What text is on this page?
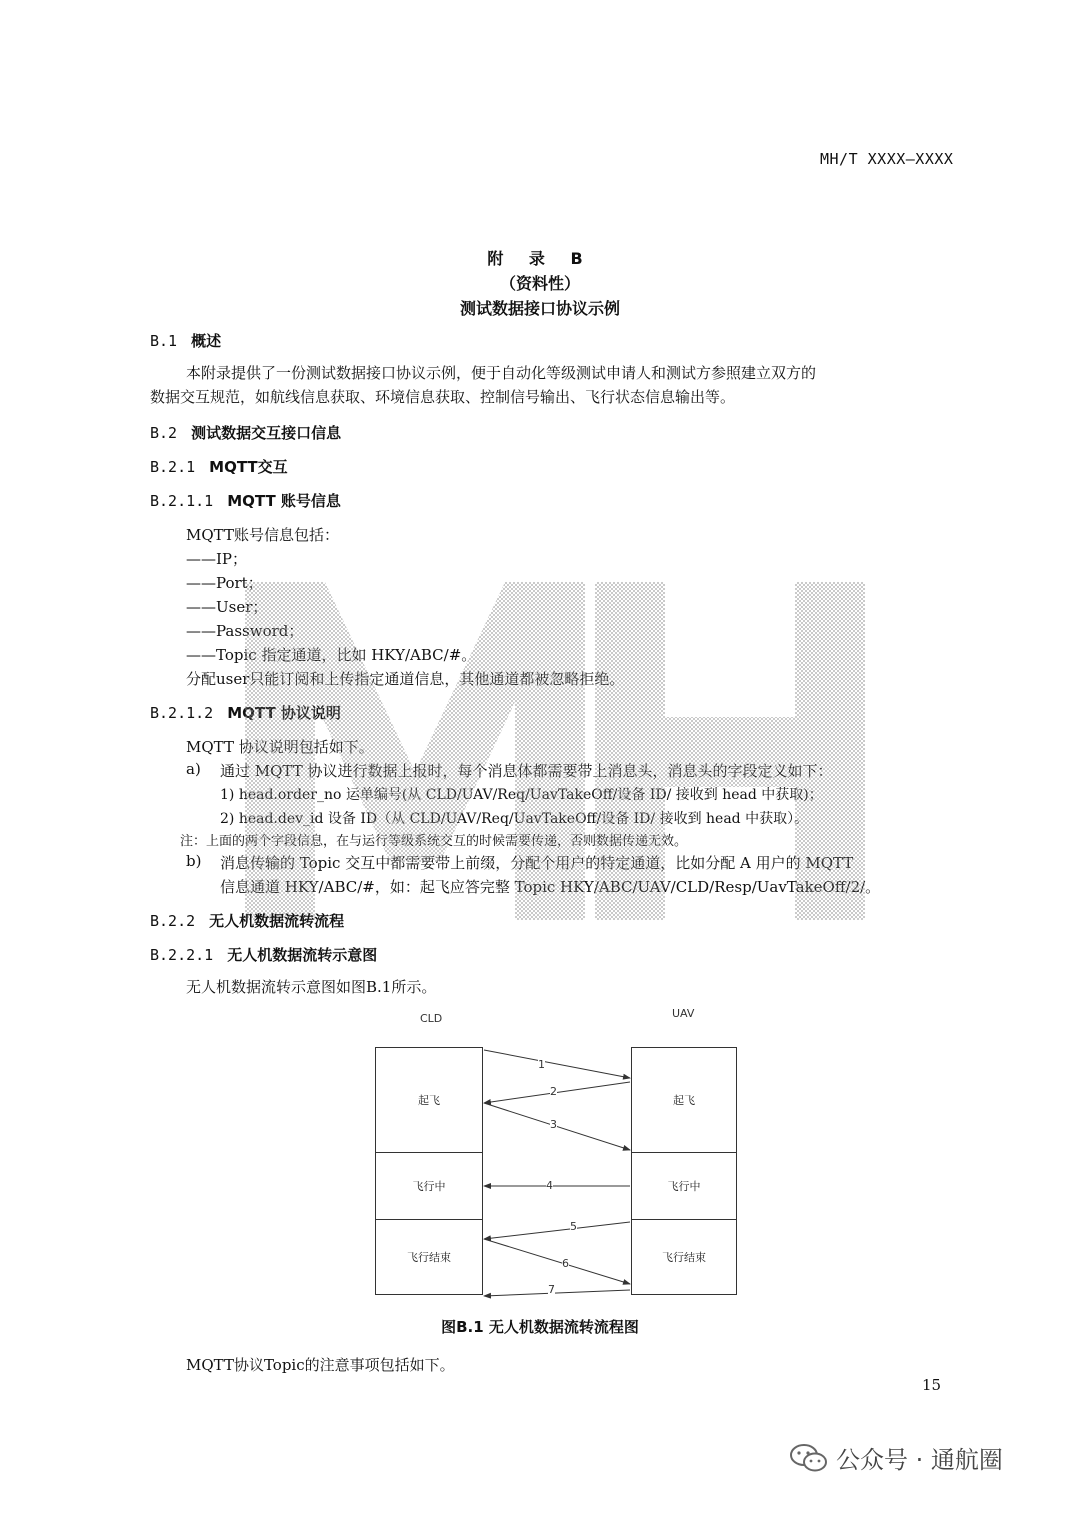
MH/T XXXX—XXXX
附 录 B
（资料性）
测试数据接口协议示例
B.1 概述
本附录提供了一份测试数据接口协议示例，便于自动化等级测试申请人和测试方参照建立双方的
数据交互规范，如航线信息获取、环境信息获取、控制信号输出、飞行状态信息输出等。
B.2 测试数据交互接口信息
B.2.1 MQTT交互
B.2.1.1 MQTT 账号信息
MQTT账号信息包括：
——IP；
——Port；
——User；
——Password；
——Topic 指定通道，比如 HKY/ABC/#。
分配user只能订阅和上传指定通道信息，其他通道都被忽略拒绝。
B.2.1.2 MQTT 协议说明
MQTT 协议说明包括如下。
a) 通过 MQTT 协议进行数据上报时，每个消息体都需要带上消息头，消息头的字段定义如下：
1) head.order_no 运单编号(从 CLD/UAV/Req/UavTakeOff/设备 ID/ 接收到 head 中获取)；
2) head.dev_id 设备 ID（从 CLD/UAV/Req/UavTakeOff/设备 ID/ 接收到 head 中获取）。
注：上面的两个字段信息，在与运行等级系统交互的时候需要传递，否则数据传递无效。
b) 消息传输的 Topic 交互中都需要带上前缀，分配个用户的特定通道，比如分配 A 用户的 MQTT
信息通道 HKY/ABC/#，如：起飞应答完整 Topic HKY/ABC/UAV/CLD/Resp/UavTakeOff/2/。
B.2.2 无人机数据流转流程
B.2.2.1 无人机数据流转示意图
无人机数据流转示意图如图B.1所示。
CLD	UAV
起飞
飞行中
飞行结束
起飞
飞行中
飞行结束
1
2
3
4
5
6
7
图B.1 无人机数据流转流程图
MQTT协议Topic的注意事项包括如下。
15
公众号 · 通航圈
